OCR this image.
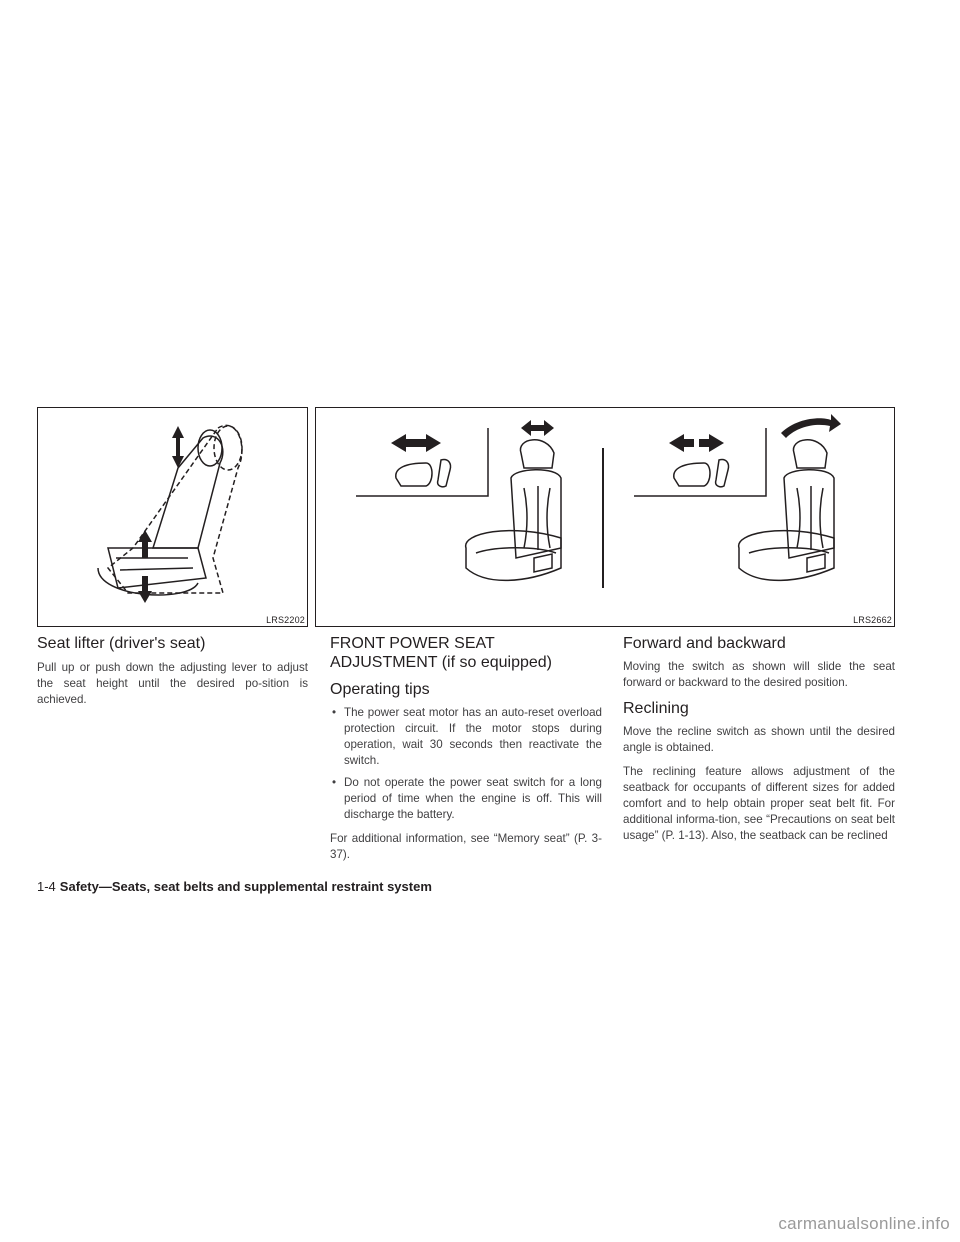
LRS2202	LRS2662
Seat lifter (driver's seat)

Pull up or push down the adjusting lever to adjust the seat height until the desired po-sition is achieved.

FRONT POWER SEAT ADJUSTMENT (if so equipped)
Operating tips
• The power seat motor has an auto-reset overload protection circuit. If the motor stops during operation, wait 30 seconds then reactivate the switch.
• Do not operate the power seat switch for a long period of time when the engine is off. This will discharge the battery.

For additional information, see “Memory seat” (P. 3-37).

Forward and backward

Moving the switch as shown will slide the seat forward or backward to the desired position.

Reclining

Move the recline switch as shown until the desired angle is obtained.

The reclining feature allows adjustment of the seatback for occupants of different sizes for added comfort and to help obtain proper seat belt fit. For additional informa-tion, see “Precautions on seat belt usage” (P. 1-13). Also, the seatback can be reclined

1-4 Safety—Seats, seat belts and supplemental restraint system
carmanualsonline.info
